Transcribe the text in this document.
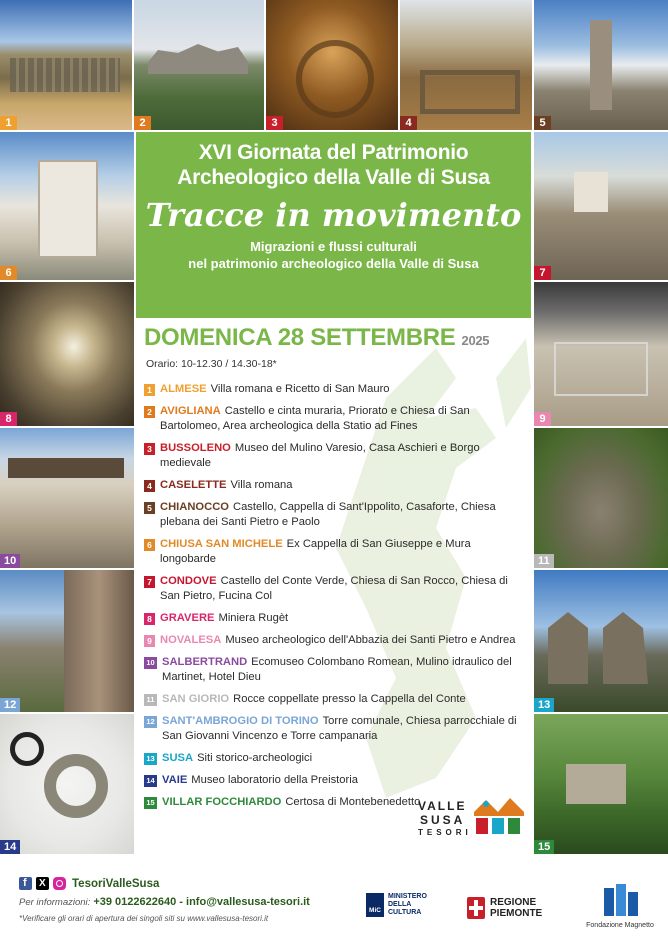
1	2	3	4	5
6	7
8	9
10	11
12	13
14	15
XVI Giornata del Patrimonio
Archeologico della Valle di Susa
Tracce in movimento
Migrazioni e flussi culturali
nel patrimonio archeologico della Valle di Susa
DOMENICA 28 SETTEMBRE 2025
Orario: 10-12.30 / 14.30-18*
1 ALMESE Villa romana e Ricetto di San Mauro
2 AVIGLIANA Castello e cinta muraria, Priorato e Chiesa di San Bartolomeo, Area archeologica della Statio ad Fines
3 BUSSOLENO Museo del Mulino Varesio, Casa Aschieri e Borgo medievale
4 CASELETTE Villa romana
5 CHIANOCCO Castello, Cappella di Sant'Ippolito, Casaforte, Chiesa plebana dei Santi Pietro e Paolo
6 CHIUSA SAN MICHELE Ex Cappella di San Giuseppe e Mura longobarde
7 CONDOVE Castello del Conte Verde, Chiesa di San Rocco, Chiesa di San Pietro, Fucina Col
8 GRAVERE Miniera Rugèt
9 NOVALESA Museo archeologico dell'Abbazia dei Santi Pietro e Andrea
10 SALBERTRAND Ecomuseo Colombano Romean, Mulino idraulico del Martinet, Hotel Dieu
11 SAN GIORIO Rocce coppellate presso la Cappella del Conte
12 SANT'AMBROGIO DI TORINO Torre comunale, Chiesa parrocchiale di San Giovanni Vincenzo e Torre campanaria
13 SUSA Siti storico-archeologici
14 VAIE Museo laboratorio della Preistoria
15 VILLAR FOCCHIARDO Certosa di Montebenedetto
VALLE
SUSA
TESORI
f X TesoriValleSusa
Per informazioni: +39 0122622640 - info@vallesusa-tesori.it
*Verificare gli orari di apertura dei singoli siti su www.vallesusa-tesori.it
MiC
MINISTERO
DELLA
CULTURA
REGIONE
PIEMONTE
Fondazione Magnetto
